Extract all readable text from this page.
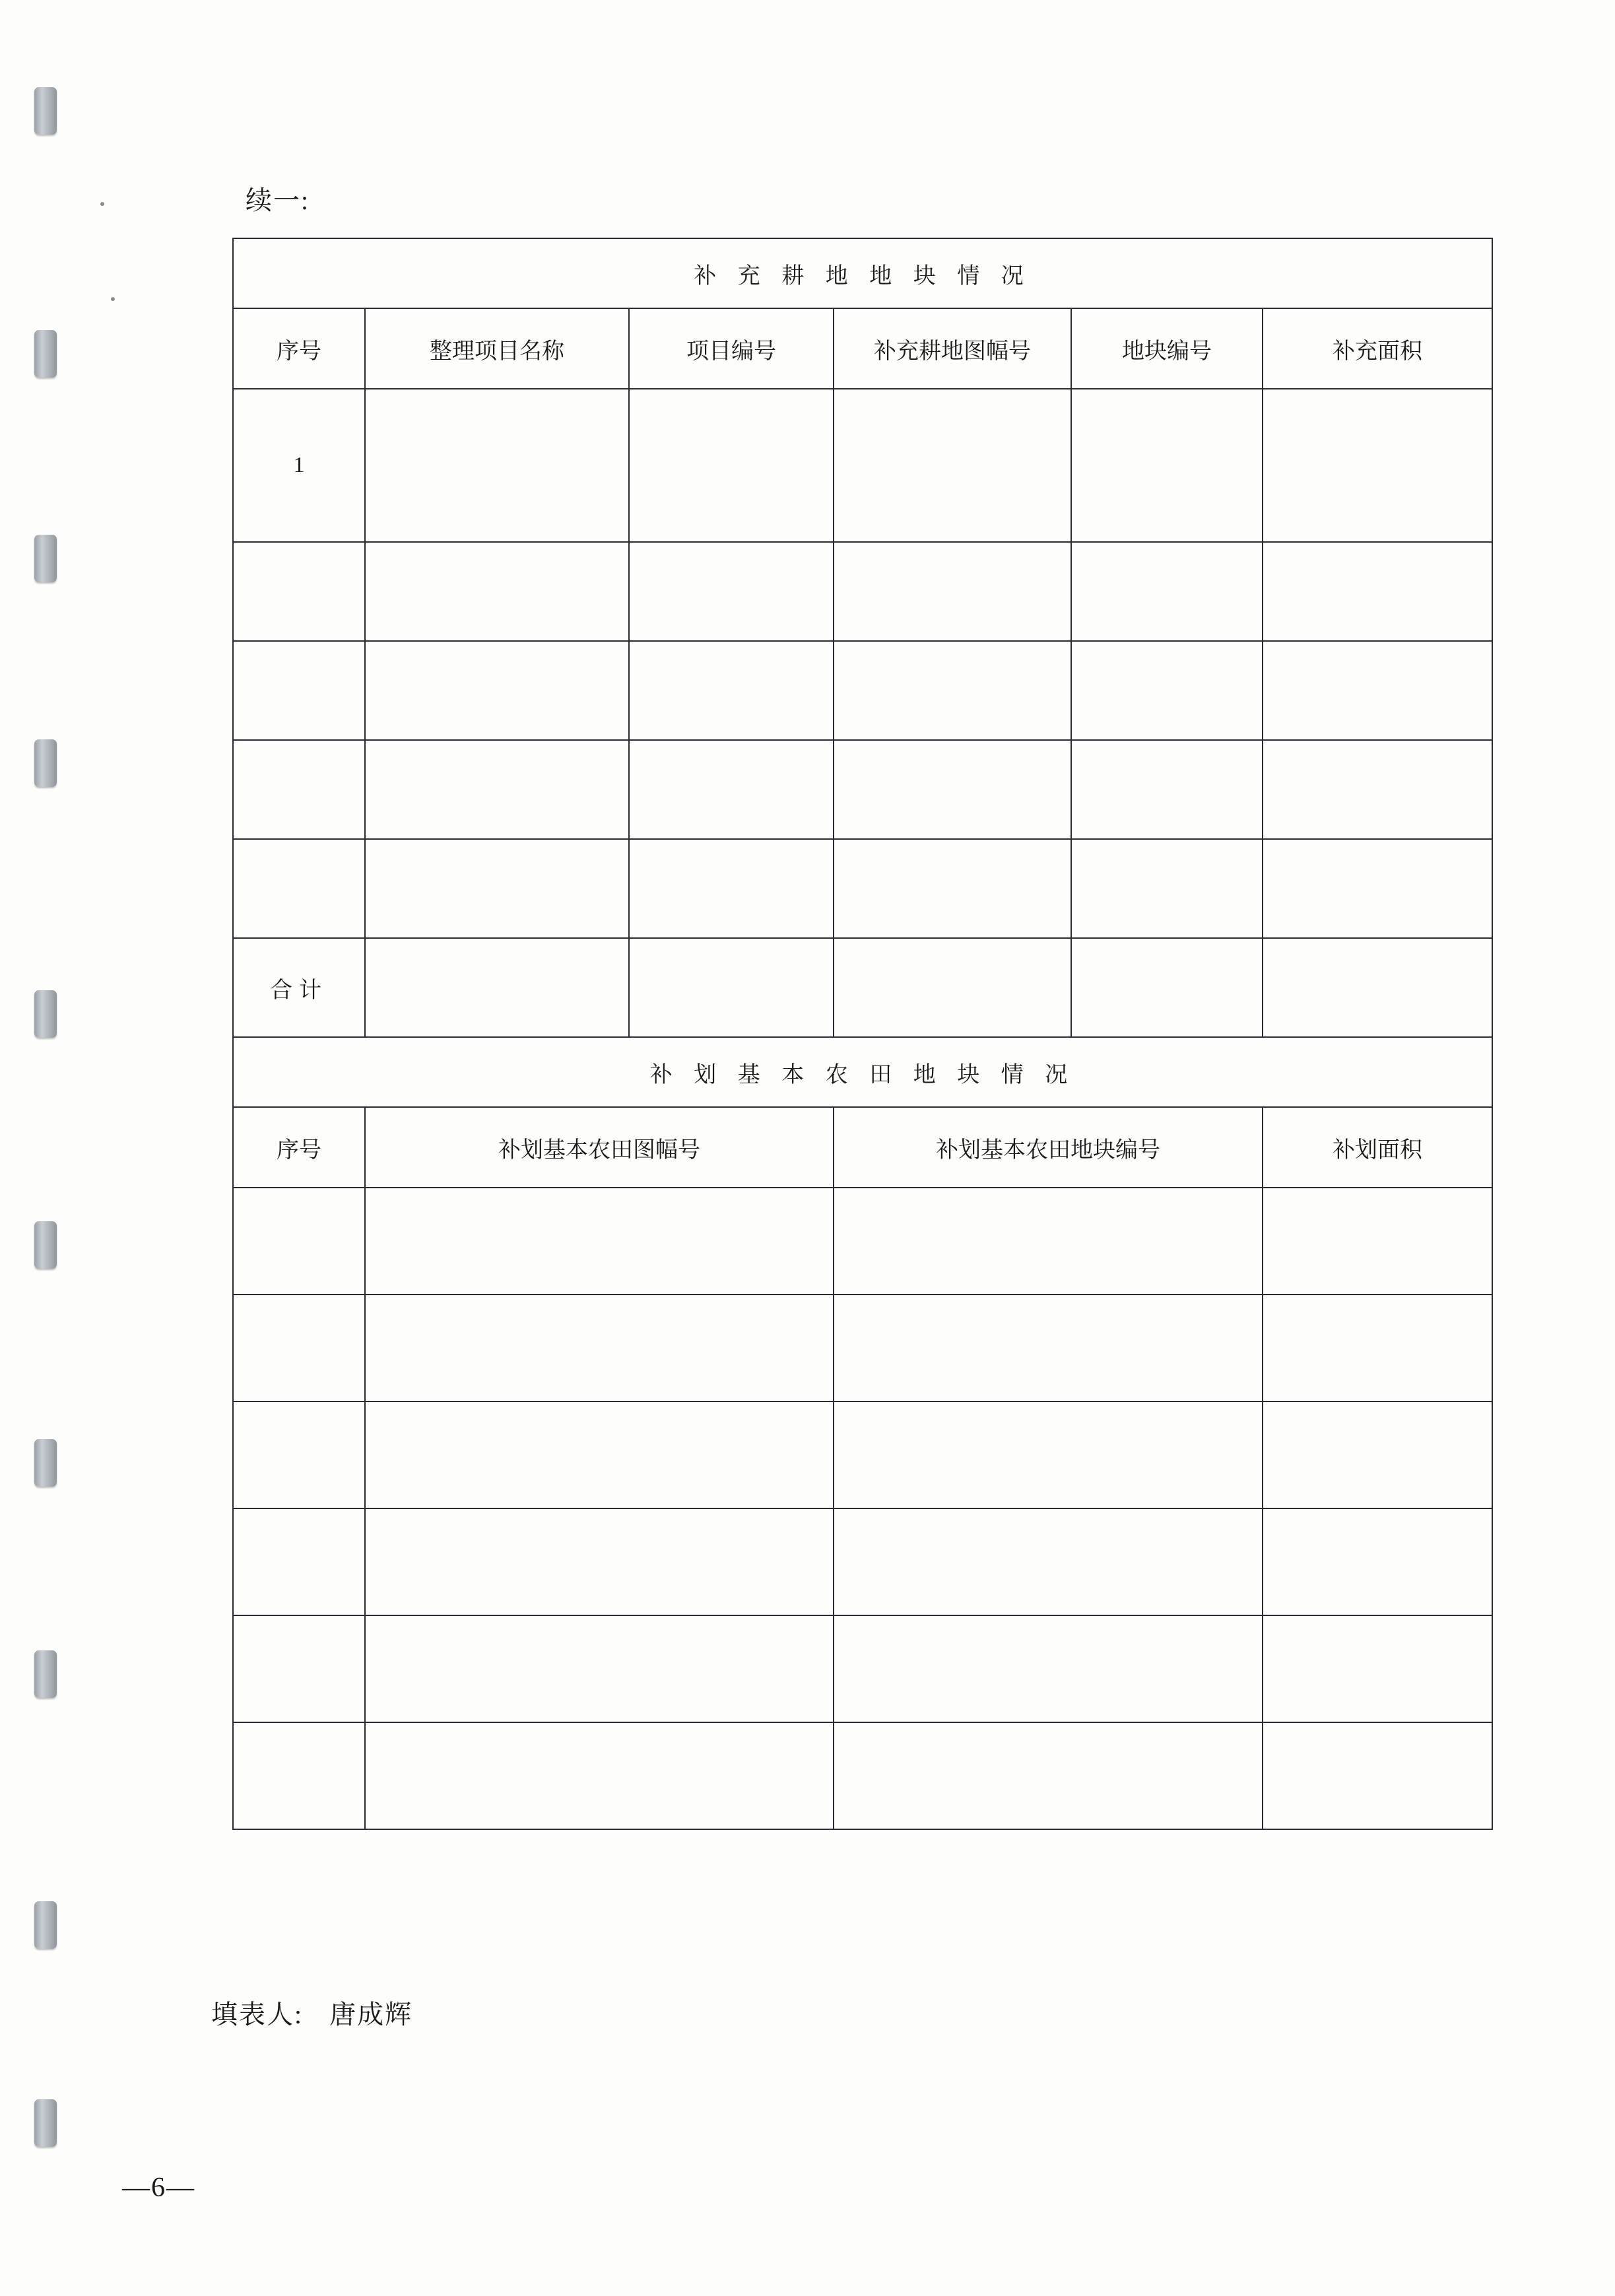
续一:
补 充 耕 地 地 块 情 况					
序号	整理项目名称	项目编号	补充耕地图幅号	地块编号	补充面积
1					

合计					
补 划 基 本 农 田 地 块 情 况					
序号	补划基本农田图幅号		补划基本农田地块编号		补划面积

填表人: 唐成辉
—6—
